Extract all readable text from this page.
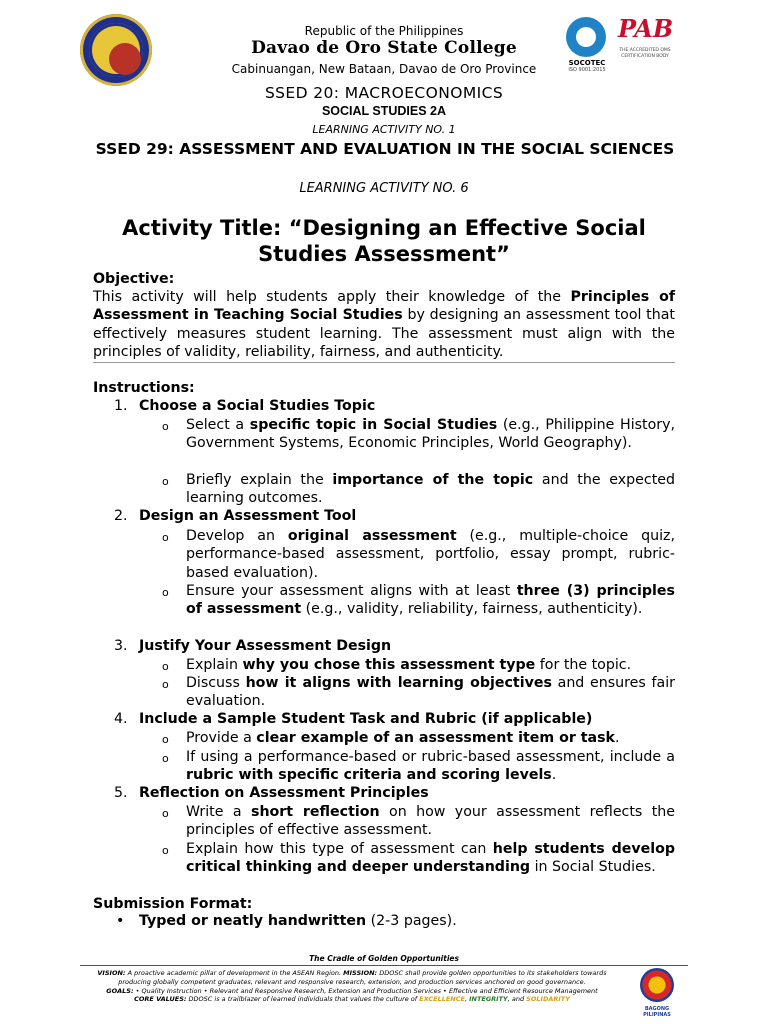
Republic of the Philippines
Davao de Oro State College
Cabinuangan, New Bataan, Davao de Oro Province	SOCOTEC
ISO 9001:2015
PAB
THE ACCREDITED QMS CERTIFICATION BODY
SSED 20: MACROECONOMICS
SOCIAL STUDIES 2A
LEARNING ACTIVITY NO. 1
SSED 29: ASSESSMENT AND EVALUATION IN THE SOCIAL SCIENCES
LEARNING ACTIVITY NO. 6
Activity Title: “Designing an Effective Social Studies Assessment”
Objective:
This activity will help students apply their knowledge of the Principles of Assessment in Teaching Social Studies by designing an assessment tool that effectively measures student learning. The assessment must align with the principles of validity, reliability, fairness, and authenticity.
Instructions:
1. Choose a Social Studies Topic
o Select a specific topic in Social Studies (e.g., Philippine History, Government Systems, Economic Principles, World Geography).
o Briefly explain the importance of the topic and the expected learning outcomes.
2. Design an Assessment Tool
o Develop an original assessment (e.g., multiple-choice quiz, performance-based assessment, portfolio, essay prompt, rubric-based evaluation).
o Ensure your assessment aligns with at least three (3) principles of assessment (e.g., validity, reliability, fairness, authenticity).
3. Justify Your Assessment Design
o Explain why you chose this assessment type for the topic.
o Discuss how it aligns with learning objectives and ensures fair evaluation.
4. Include a Sample Student Task and Rubric (if applicable)
o Provide a clear example of an assessment item or task.
o If using a performance-based or rubric-based assessment, include a rubric with specific criteria and scoring levels.
5. Reflection on Assessment Principles
o Write a short reflection on how your assessment reflects the principles of effective assessment.
o Explain how this type of assessment can help students develop critical thinking and deeper understanding in Social Studies.
Submission Format:
• Typed or neatly handwritten (2-3 pages).
The Cradle of Golden Opportunities
VISION: A proactive academic pillar of development in the ASEAN Region. MISSION: DDOSC shall provide golden opportunities to its stakeholders towards producing globally competent graduates, relevant and responsive research, extension, and production services anchored on good governance.
GOALS: • Quality Instruction • Relevant and Responsive Research, Extension and Production Services • Effective and Efficient Resource Management
CORE VALUES: DDOSC is a trailblazer of learned individuals that values the culture of EXCELLENCE, INTEGRITY, and SOLIDARITY
BAGONG PILIPINAS
